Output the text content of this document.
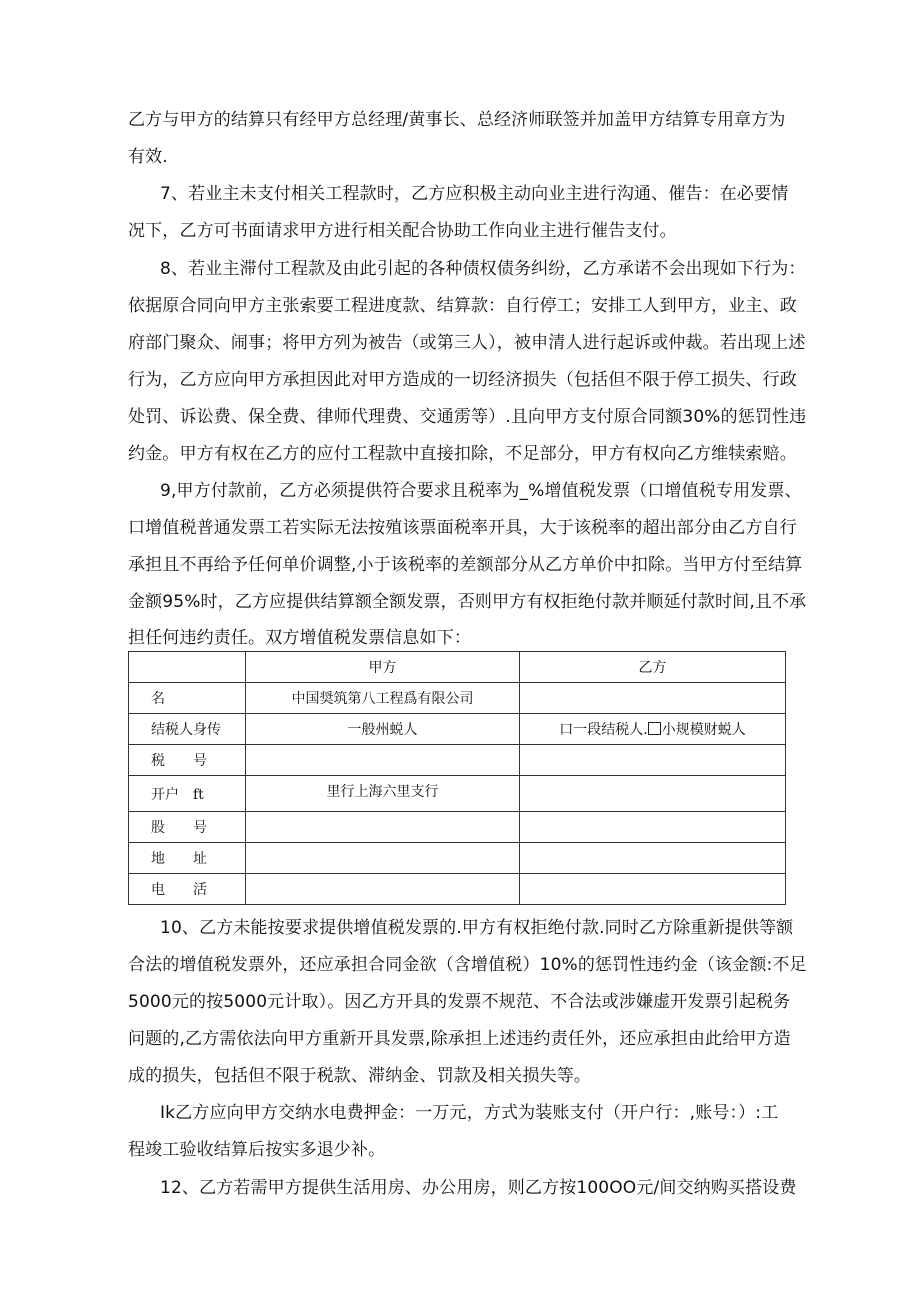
乙方与甲方的结算只有经甲方总经理/黄事长、总经济师联签并加盖甲方结算专用章方为
有效.
7、若业主未支付相关工程款时，乙方应积极主动向业主进行沟通、催告：在必要情
况下，乙方可书面请求甲方进行相关配合协助工作向业主进行催告支付。
8、若业主滞付工程款及由此引起的各种债权债务纠纷，乙方承诺不会出现如下行为：
依据原合同向甲方主张索要工程进度款、结算款：自行停工；安排工人到甲方，业主、政
府部门聚众、闹事；将甲方列为被告（或第三人），被申清人进行起诉或仲裁。若出现上述
行为，乙方应向甲方承担因此对甲方造成的一切经济损失（包括但不限于停工损失、行政
处罚、诉讼费、保全费、律师代理费、交通雳等）.且向甲方支付原合同额30%的惩罚性违
约金。甲方有权在乙方的应付工程款中直接扣除，不足部分，甲方有权向乙方维犊索赔。
9,甲方付款前，乙方必须提供符合要求且税率为_%增值税发票（口增值税专用发票、
口增值税普通发票工若实际无法按殖该票面税率开具，大于该税率的超出部分由乙方自行
承担且不再给予任何单价调整,小于该税率的差额部分从乙方单价中扣除。当甲方付至结算
金额95%时，乙方应提供结算额全额发票，否则甲方有权拒绝付款并顺延付款时间,且不承
担任何违约责任。双方增值税发票信息如下：
	甲方	乙方
名	中国奨筑第八工程爲有限公司	
结税人身传	一般州蜕人	口一段结税人. 小规模财蜕人
税　　号		
开户　ft	里行上海六里支行	
股　　号		
地　　址		
电　　活		
10、乙方未能按要求提供增值税发票的.甲方有权拒绝付款.同时乙方除重新提供等额
合法的增值税发票外，还应承担合同金欲（含增值税）10%的惩罚性违约金（该金额:不足
5000元的按5000元计取）。因乙方开具的发票不规范、不合法或涉嫌虚开发票引起税务
问题的,乙方需依法向甲方重新开具发票,除承担上述违约责任外，还应承担由此给甲方造
成的损失，包括但不限于税款、滞纳金、罚款及相关损失等。
Ik乙方应向甲方交纳水电费押金：一万元，方式为装账支付（开户行：,账号：）:工
程竣工验收结算后按实多退少补。
12、乙方若需甲方提供生活用房、办公用房，则乙方按100OO元/间交纳购买搭设费
